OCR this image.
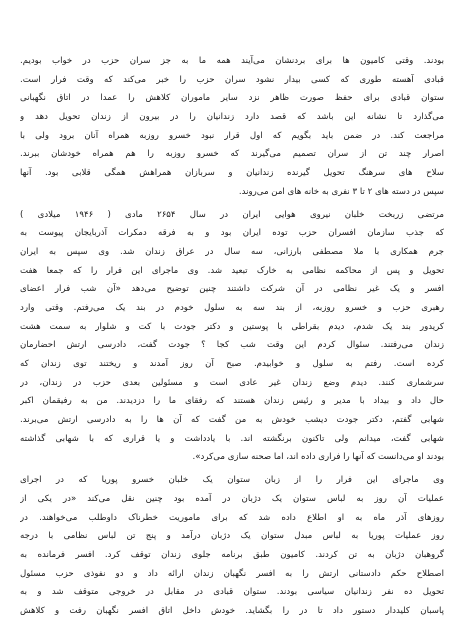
بودند. وقتی کامیون ها برای بردنشان می‌آیند همه ما به جز سران حزب در خواب بودیم.
قبادی آهسته طوری که کسی بیدار نشود سران حزب را خبر می‌کند که وقت فرار است.
ستوان قبادی برای حفظ صورت ظاهر نزد سایر ماموران کلاهش را عمدا در اتاق نگهبانی
می‌گذارد تا نشانه این باشد که قصد دارد زندانیان را در بیرون از زندان تحویل دهد و
مراجعت کند. در ضمن باید بگویم که اول قرار نبود خسرو روزبه همراه آنان برود ولی با
اصرار چند تن از سران تصمیم می‌گیرند که خسرو روزبه را هم همراه خودشان ببرند.
سلاح های سرهنگ تحویل گیرنده زندانیان و سربازان همراهش همگی قلابی بود. آنها
سپس در دسته های ۲ تا ۳ نفری به خانه های امن می‌روند.
مرتضی زربخت خلبان نیروی هوایی ایران در سال ۲۶۵۴ مادی ( ۱۹۴۶ میلادی )
که جذب سازمان افسران حزب توده ایران بود و به فرقه دمکرات آذربایجان پیوست به
جرم همکاری با ملا مصطفی بارزانی، سه سال در عراق زندان شد. وی سپس به ایران
تحویل و پس از محاکمه نظامی به خارک تبعید شد. وی ماجرای این فرار را که جمعا هفت
افسر و یک غیر نظامی در آن شرکت داشتند چنین توضیح می‌دهد «آن شب فرار اعضای
رهبری حزب و خسرو روزبه، از بند سه به سلول خودم در بند یک می‌رفتم. وقتی وارد
کریدور بند یک شدم، دیدم بقراطی با پوستین و دکتر جودت با کت و شلوار به سمت هشت
زندان می‌رفتند. سئوال کردم این وقت شب کجا ؟ جودت گفت، دادرسی ارتش احضارمان
کرده است. رفتم به سلول و خوابیدم. صبح آن روز آمدند و ریختند توی زندان که
سرشماری کنند. دیدم وضع زندان غیر عادی است و مسئولین بعدی حزب در زندان، در
حال داد و بیداد با مدیر و رئیس زندان هستند که رفقای ما را دزدیدند. من به رفیقمان اکبر
شهابی گفتم، دکتر جودت دیشب خودش به من گفت که آن ها را به دادرسی ارتش می‌برند.
شهابی گفت، میدانم ولی تاکنون برنگشته اند. با یادداشت و یا قراری که با شهابی گذاشته
بودند او می‌دانست که آنها را فراری داده اند، اما صحنه سازی می‌کرد».
وی ماجرای این فرار را از زبان ستوان یک خلبان خسرو پوریا که در اجرای
عملیات آن روز به لباس ستوان یک دژبان در آمده بود چنین نقل می‌کند «در یکی از
روزهای آذر ماه به او اطلاع داده شد که برای ماموریت خطرناک داوطلب می‌خواهند. در
روز عملیات پوریا به لباس مبدل ستوان یک دژبان درآمد و پنج تن لباس نظامی با درجه
گروهبان دژبان به تن کردند. کامیون طبق برنامه جلوی زندان توقف کرد. افسر فرمانده به
اصطلاح حکم دادستانی ارتش را به افسر نگهبان زندان ارائه داد و دو نفوذی حزب مسئول
تحویل ده نفر زندانیان سیاسی بودند. ستوان قبادی در مقابل در خروجی متوقف شد و به
پاسبان کلیددار دستور داد تا در را بگشاید. خودش داخل اتاق افسر نگهبان رفت و کلاهش
